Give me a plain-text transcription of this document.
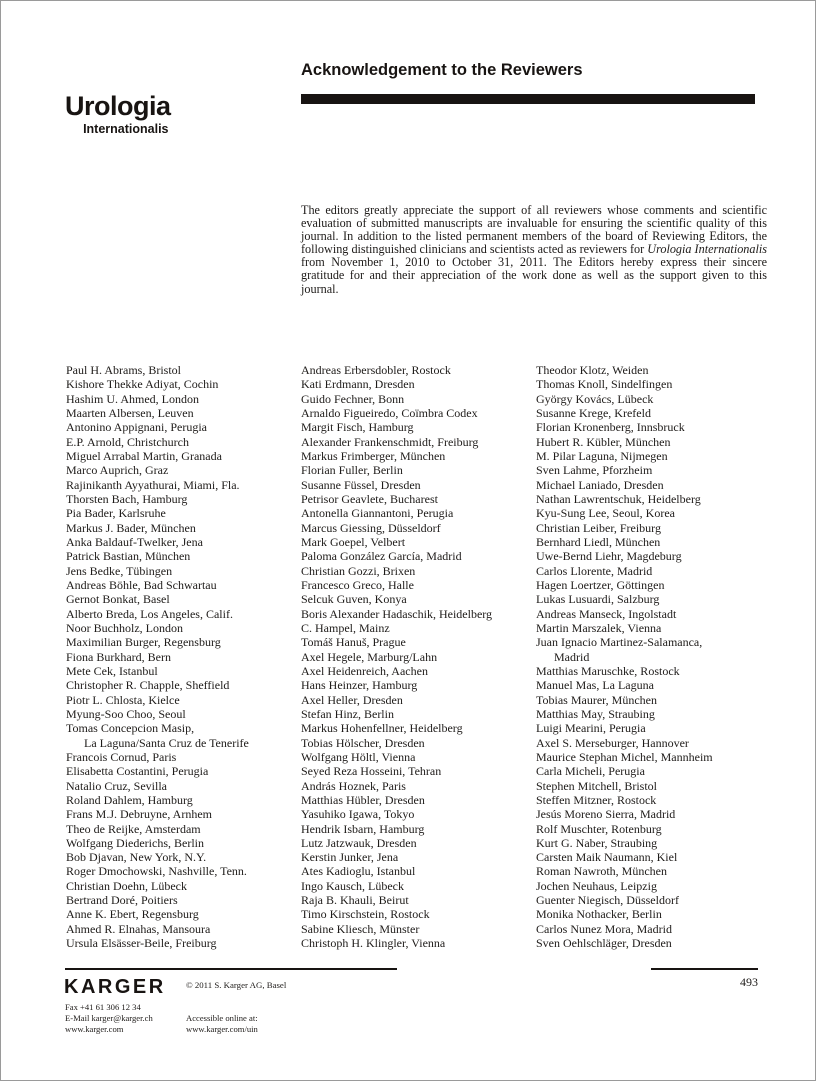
Urologia
Internationalis
Acknowledgement to the Reviewers

The editors greatly appreciate the support of all reviewers whose comments and scientific evaluation of submitted manuscripts are invaluable for ensuring the scientific quality of this journal. In addition to the listed permanent members of the board of Reviewing Editors, the following distinguished clinicians and scientists acted as reviewers for Urologia Internationalis from November 1, 2010 to October 31, 2011. The Editors hereby express their sincere gratitude for and their appreciation of the work done as well as the support given to this journal.

Paul H. Abrams, Bristol
Kishore Thekke Adiyat, Cochin
Hashim U. Ahmed, London
Maarten Albersen, Leuven
Antonino Appignani, Perugia
E.P. Arnold, Christchurch
Miguel Arrabal Martin, Granada
Marco Auprich, Graz
Rajinikanth Ayyathurai, Miami, Fla.
Thorsten Bach, Hamburg
Pia Bader, Karlsruhe
Markus J. Bader, München
Anka Baldauf-Twelker, Jena
Patrick Bastian, München
Jens Bedke, Tübingen
Andreas Böhle, Bad Schwartau
Gernot Bonkat, Basel
Alberto Breda, Los Angeles, Calif.
Noor Buchholz, London
Maximilian Burger, Regensburg
Fiona Burkhard, Bern
Mete Cek, Istanbul
Christopher R. Chapple, Sheffield
Piotr L. Chlosta, Kielce
Myung-Soo Choo, Seoul
Tomas Concepcion Masip,
La Laguna/Santa Cruz de Tenerife
Francois Cornud, Paris
Elisabetta Costantini, Perugia
Natalio Cruz, Sevilla
Roland Dahlem, Hamburg
Frans M.J. Debruyne, Arnhem
Theo de Reijke, Amsterdam
Wolfgang Diederichs, Berlin
Bob Djavan, New York, N.Y.
Roger Dmochowski, Nashville, Tenn.
Christian Doehn, Lübeck
Bertrand Doré, Poitiers
Anne K. Ebert, Regensburg
Ahmed R. Elnahas, Mansoura
Ursula Elsässer-Beile, Freiburg
Andreas Erbersdobler, Rostock
Kati Erdmann, Dresden
Guido Fechner, Bonn
Arnaldo Figueiredo, Coïmbra Codex
Margit Fisch, Hamburg
Alexander Frankenschmidt, Freiburg
Markus Frimberger, München
Florian Fuller, Berlin
Susanne Füssel, Dresden
Petrisor Geavlete, Bucharest
Antonella Giannantoni, Perugia
Marcus Giessing, Düsseldorf
Mark Goepel, Velbert
Paloma González García, Madrid
Christian Gozzi, Brixen
Francesco Greco, Halle
Selcuk Guven, Konya
Boris Alexander Hadaschik, Heidelberg
C. Hampel, Mainz
Tomáš Hanuš, Prague
Axel Hegele, Marburg/Lahn
Axel Heidenreich, Aachen
Hans Heinzer, Hamburg
Axel Heller, Dresden
Stefan Hinz, Berlin
Markus Hohenfellner, Heidelberg
Tobias Hölscher, Dresden
Wolfgang Höltl, Vienna
Seyed Reza Hosseini, Tehran
András Hoznek, Paris
Matthias Hübler, Dresden
Yasuhiko Igawa, Tokyo
Hendrik Isbarn, Hamburg
Lutz Jatzwauk, Dresden
Kerstin Junker, Jena
Ates Kadioglu, Istanbul
Ingo Kausch, Lübeck
Raja B. Khauli, Beirut
Timo Kirschstein, Rostock
Sabine Kliesch, Münster
Christoph H. Klingler, Vienna
Theodor Klotz, Weiden
Thomas Knoll, Sindelfingen
György Kovács, Lübeck
Susanne Krege, Krefeld
Florian Kronenberg, Innsbruck
Hubert R. Kübler, München
M. Pilar Laguna, Nijmegen
Sven Lahme, Pforzheim
Michael Laniado, Dresden
Nathan Lawrentschuk, Heidelberg
Kyu-Sung Lee, Seoul, Korea
Christian Leiber, Freiburg
Bernhard Liedl, München
Uwe-Bernd Liehr, Magdeburg
Carlos Llorente, Madrid
Hagen Loertzer, Göttingen
Lukas Lusuardi, Salzburg
Andreas Manseck, Ingolstadt
Martin Marszalek, Vienna
Juan Ignacio Martinez-Salamanca,
Madrid
Matthias Maruschke, Rostock
Manuel Mas, La Laguna
Tobias Maurer, München
Matthias May, Straubing
Luigi Mearini, Perugia
Axel S. Merseburger, Hannover
Maurice Stephan Michel, Mannheim
Carla Micheli, Perugia
Stephen Mitchell, Bristol
Steffen Mitzner, Rostock
Jesús Moreno Sierra, Madrid
Rolf Muschter, Rotenburg
Kurt G. Naber, Straubing
Carsten Maik Naumann, Kiel
Roman Nawroth, München
Jochen Neuhaus, Leipzig
Guenter Niegisch, Düsseldorf
Monika Nothacker, Berlin
Carlos Nunez Mora, Madrid
Sven Oehlschläger, Dresden
KARGER © 2011 S. Karger AG, Basel	493
Fax +41 61 306 12 34
E-Mail karger@karger.ch
www.karger.com
Accessible online at:
www.karger.com/uin
